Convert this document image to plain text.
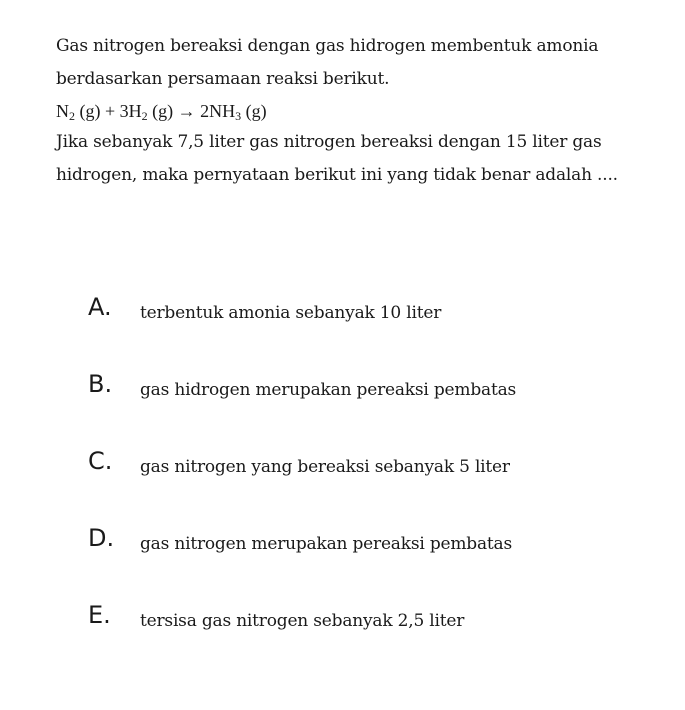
Gas nitrogen bereaksi dengan gas hidrogen membentuk amonia berdasarkan persamaan reaksi berikut.

$N_2$ $(g) + 3H_2$ $(g) \to 2NH_3$ (g)

Jika sebanyak 7,5 liter gas nitrogen bereaksi dengan 15 liter gas hidrogen, maka pernyataan berikut ini yang tidak benar adalah ....

A.	terbentuk amonia sebanyak 10 liter
B.	gas hidrogen merupakan pereaksi pembatas
C.	gas nitrogen yang bereaksi sebanyak 5 liter
D.	gas nitrogen merupakan pereaksi pembatas
E.	tersisa gas nitrogen sebanyak 2,5 liter
